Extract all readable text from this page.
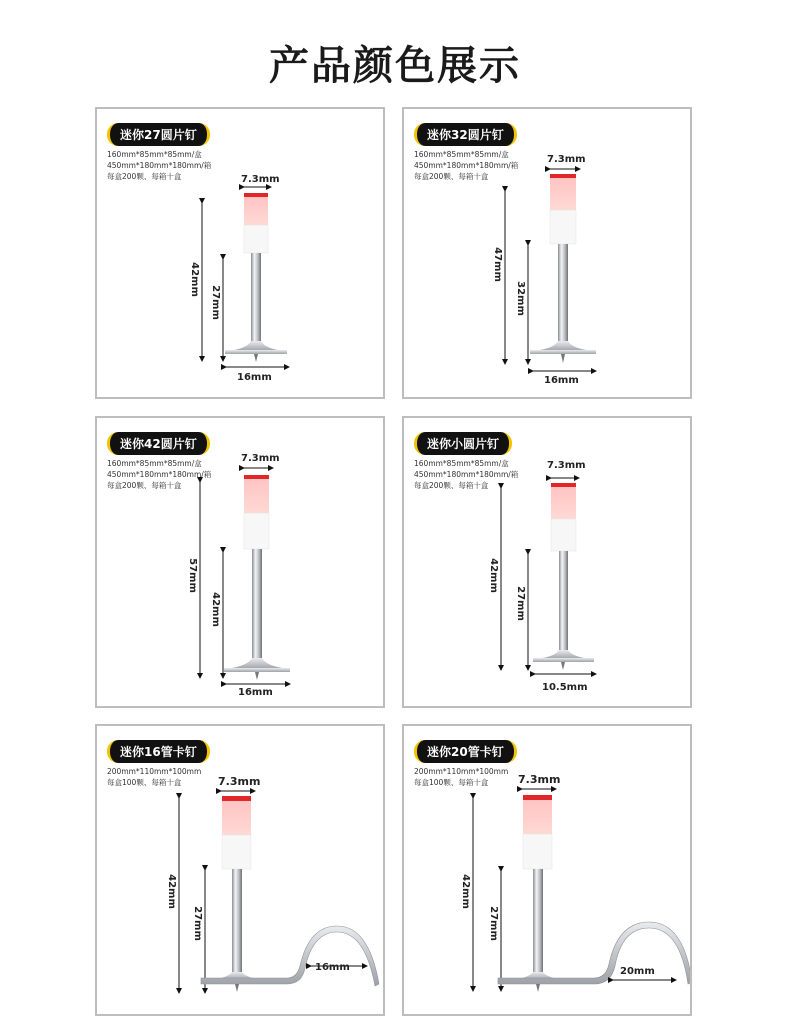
产品颜色展示
迷你27圆片钉
160mm*85mm*85mm/盒
450mm*180mm*180mm/箱
每盒200颗、每箱十盒	7.3mm
42mm
27mm
16mm
迷你32圆片钉
160mm*85mm*85mm/盒
450mm*180mm*180mm/箱
每盒200颗、每箱十盒
7.3mm
47mm
32mm
16mm
迷你42圆片钉
160mm*85mm*85mm/盒
450mm*180mm*180mm/箱
每盒200颗、每箱十盒
7.3mm
57mm
42mm
16mm
迷你小圆片钉
160mm*85mm*85mm/盒
450mm*180mm*180mm/箱
每盒200颗、每箱十盒
7.3mm
42mm
27mm
10.5mm
迷你16管卡钉
200mm*110mm*100mm
每盒100颗、每箱十盒	7.3mm
42mm
27mm
16mm
迷你20管卡钉
200mm*110mm*100mm
每盒100颗、每箱十盒	7.3mm
42mm
27mm
20mm
